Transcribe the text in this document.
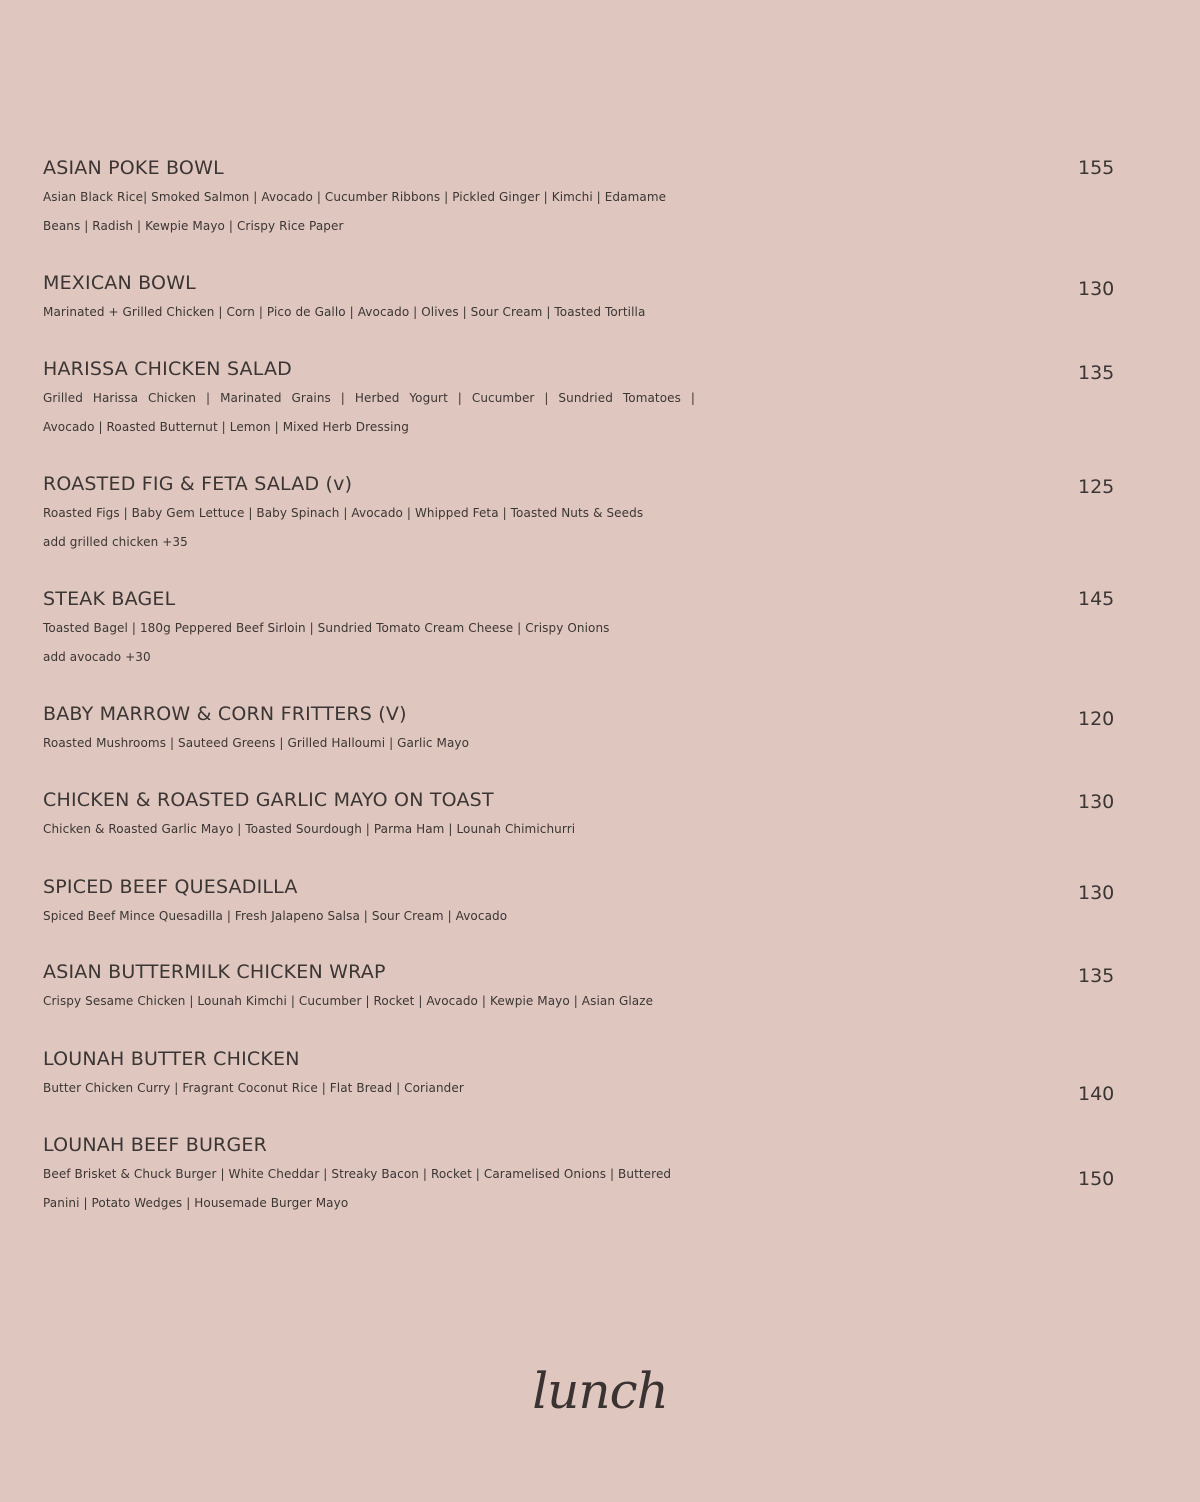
ASIAN POKE BOWL
Asian Black Rice| Smoked Salmon | Avocado | Cucumber Ribbons | Pickled Ginger | Kimchi | Edamame
Beans | Radish | Kewpie Mayo | Crispy Rice Paper
155
MEXICAN BOWL
Marinated + Grilled Chicken | Corn | Pico de Gallo | Avocado | Olives | Sour Cream | Toasted Tortilla
130
HARISSA CHICKEN SALAD
Grilled Harissa Chicken | Marinated Grains | Herbed Yogurt | Cucumber | Sundried Tomatoes |
Avocado | Roasted Butternut | Lemon | Mixed Herb Dressing
135
ROASTED FIG & FETA SALAD (v)
Roasted Figs | Baby Gem Lettuce | Baby Spinach | Avocado | Whipped Feta | Toasted Nuts & Seeds
add grilled chicken +35
125
STEAK BAGEL
Toasted Bagel | 180g Peppered Beef Sirloin | Sundried Tomato Cream Cheese | Crispy Onions
add avocado +30
145
BABY MARROW & CORN FRITTERS (V)
Roasted Mushrooms | Sauteed Greens | Grilled Halloumi | Garlic Mayo
120
CHICKEN & ROASTED GARLIC MAYO ON TOAST
Chicken & Roasted Garlic Mayo | Toasted Sourdough | Parma Ham | Lounah Chimichurri
130
SPICED BEEF QUESADILLA
Spiced Beef Mince Quesadilla | Fresh Jalapeno Salsa | Sour Cream | Avocado
130
ASIAN BUTTERMILK CHICKEN WRAP
Crispy Sesame Chicken | Lounah Kimchi | Cucumber | Rocket | Avocado | Kewpie Mayo | Asian Glaze
135
LOUNAH BUTTER CHICKEN
Butter Chicken Curry | Fragrant Coconut Rice | Flat Bread | Coriander	140
LOUNAH BEEF BURGER
Beef Brisket & Chuck Burger | White Cheddar | Streaky Bacon | Rocket | Caramelised Onions | Buttered
Panini | Potato Wedges | Housemade Burger Mayo
150
lunch
